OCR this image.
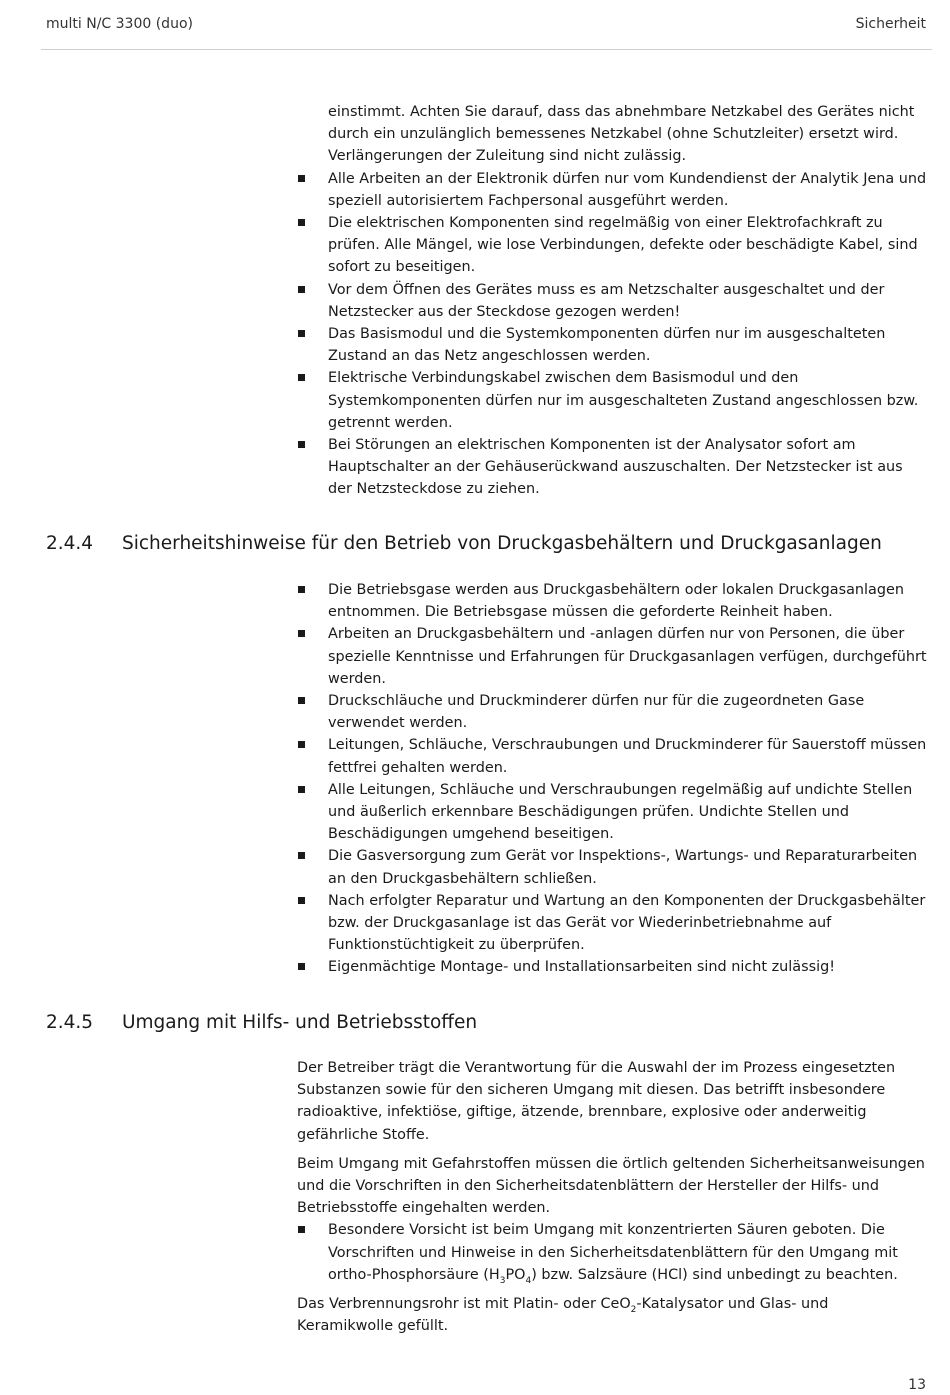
multi N/C 3300 (duo)	Sicherheit

einstimmt. Achten Sie darauf, dass das abnehmbare Netzkabel des Gerätes nicht durch ein unzulänglich bemessenes Netzkabel (ohne Schutzleiter) ersetzt wird. Verlängerungen der Zuleitung sind nicht zulässig.

Alle Arbeiten an der Elektronik dürfen nur vom Kundendienst der Analytik Jena und speziell autorisiertem Fachpersonal ausgeführt werden.
Die elektrischen Komponenten sind regelmäßig von einer Elektrofachkraft zu prüfen. Alle Mängel, wie lose Verbindungen, defekte oder beschädigte Kabel, sind sofort zu beseitigen.
Vor dem Öffnen des Gerätes muss es am Netzschalter ausgeschaltet und der Netzstecker aus der Steckdose gezogen werden!
Das Basismodul und die Systemkomponenten dürfen nur im ausgeschalteten Zustand an das Netz angeschlossen werden.
Elektrische Verbindungskabel zwischen dem Basismodul und den Systemkomponenten dürfen nur im ausgeschalteten Zustand angeschlossen bzw. getrennt werden.
Bei Störungen an elektrischen Komponenten ist der Analysator sofort am Hauptschalter an der Gehäuserückwand auszuschalten. Der Netzstecker ist aus der Netzsteckdose zu ziehen.
2.4.4 Sicherheitshinweise für den Betrieb von Druckgasbehältern und Druckgasanlagen
Die Betriebsgase werden aus Druckgasbehältern oder lokalen Druckgasanlagen entnommen. Die Betriebsgase müssen die geforderte Reinheit haben.
Arbeiten an Druckgasbehältern und -anlagen dürfen nur von Personen, die über spezielle Kenntnisse und Erfahrungen für Druckgasanlagen verfügen, durchgeführt werden.
Druckschläuche und Druckminderer dürfen nur für die zugeordneten Gase verwendet werden.
Leitungen, Schläuche, Verschraubungen und Druckminderer für Sauerstoff müssen fettfrei gehalten werden.
Alle Leitungen, Schläuche und Verschraubungen regelmäßig auf undichte Stellen und äußerlich erkennbare Beschädigungen prüfen. Undichte Stellen und Beschädigungen umgehend beseitigen.
Die Gasversorgung zum Gerät vor Inspektions-, Wartungs- und Reparaturarbeiten an den Druckgasbehältern schließen.
Nach erfolgter Reparatur und Wartung an den Komponenten der Druckgasbehälter bzw. der Druckgasanlage ist das Gerät vor Wiederinbetriebnahme auf Funktionstüchtigkeit zu überprüfen.
Eigenmächtige Montage- und Installationsarbeiten sind nicht zulässig!
2.4.5 Umgang mit Hilfs- und Betriebsstoffen

Der Betreiber trägt die Verantwortung für die Auswahl der im Prozess eingesetzten Substanzen sowie für den sicheren Umgang mit diesen. Das betrifft insbesondere radioaktive, infektiöse, giftige, ätzende, brennbare, explosive oder anderweitig gefährliche Stoffe.

Beim Umgang mit Gefahrstoffen müssen die örtlich geltenden Sicherheitsanweisungen und die Vorschriften in den Sicherheitsdatenblättern der Hersteller der Hilfs- und Betriebsstoffe eingehalten werden.

Besondere Vorsicht ist beim Umgang mit konzentrierten Säuren geboten. Die Vorschriften und Hinweise in den Sicherheitsdatenblättern für den Umgang mit ortho-Phosphorsäure $(H_3PO_4)$ bzw. Salzsäure (HCl) sind unbedingt zu beachten.

Das Verbrennungsrohr ist mit Platin- oder CeO$_2$-Katalysator und Glas- und Keramikwolle gefüllt.

13
